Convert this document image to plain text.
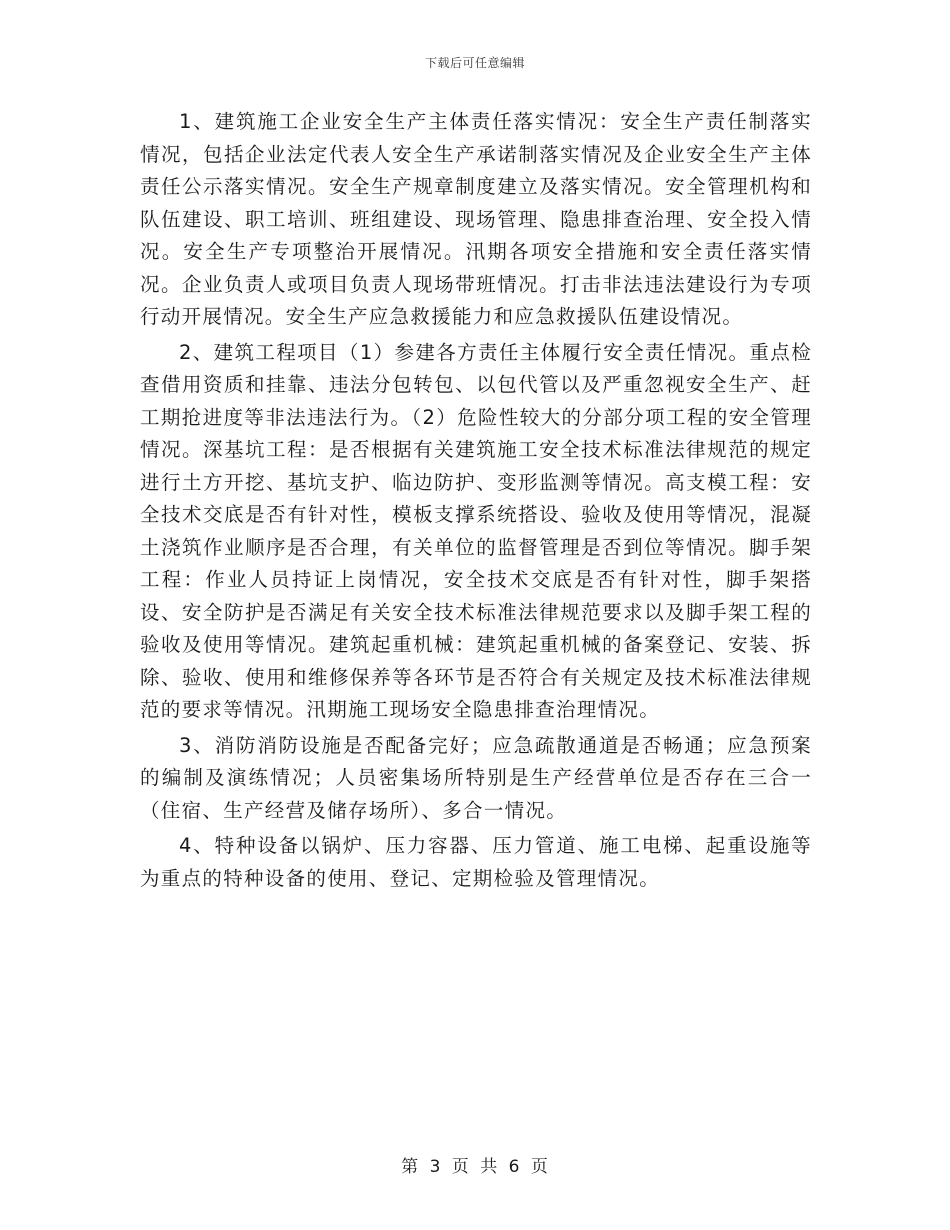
下载后可任意编辑

1、建筑施工企业安全生产主体责任落实情况：安全生产责任制落实情况，包括企业法定代表人安全生产承诺制落实情况及企业安全生产主体责任公示落实情况。安全生产规章制度建立及落实情况。安全管理机构和队伍建设、职工培训、班组建设、现场管理、隐患排查治理、安全投入情况。安全生产专项整治开展情况。汛期各项安全措施和安全责任落实情况。企业负责人或项目负责人现场带班情况。打击非法违法建设行为专项行动开展情况。安全生产应急救援能力和应急救援队伍建设情况。

2、建筑工程项目（1）参建各方责任主体履行安全责任情况。重点检查借用资质和挂靠、违法分包转包、以包代管以及严重忽视安全生产、赶工期抢进度等非法违法行为。（2）危险性较大的分部分项工程的安全管理情况。深基坑工程：是否根据有关建筑施工安全技术标准法律规范的规定进行土方开挖、基坑支护、临边防护、变形监测等情况。高支模工程：安全技术交底是否有针对性，模板支撑系统搭设、验收及使用等情况，混凝土浇筑作业顺序是否合理，有关单位的监督管理是否到位等情况。脚手架工程：作业人员持证上岗情况，安全技术交底是否有针对性，脚手架搭设、安全防护是否满足有关安全技术标准法律规范要求以及脚手架工程的验收及使用等情况。建筑起重机械：建筑起重机械的备案登记、安装、拆除、验收、使用和维修保养等各环节是否符合有关规定及技术标准法律规范的要求等情况。汛期施工现场安全隐患排查治理情况。

3、消防消防设施是否配备完好；应急疏散通道是否畅通；应急预案的编制及演练情况；人员密集场所特别是生产经营单位是否存在三合一（住宿、生产经营及储存场所）、多合一情况。

4、特种设备以锅炉、压力容器、压力管道、施工电梯、起重设施等为重点的特种设备的使用、登记、定期检验及管理情况。

第 3 页 共 6 页
